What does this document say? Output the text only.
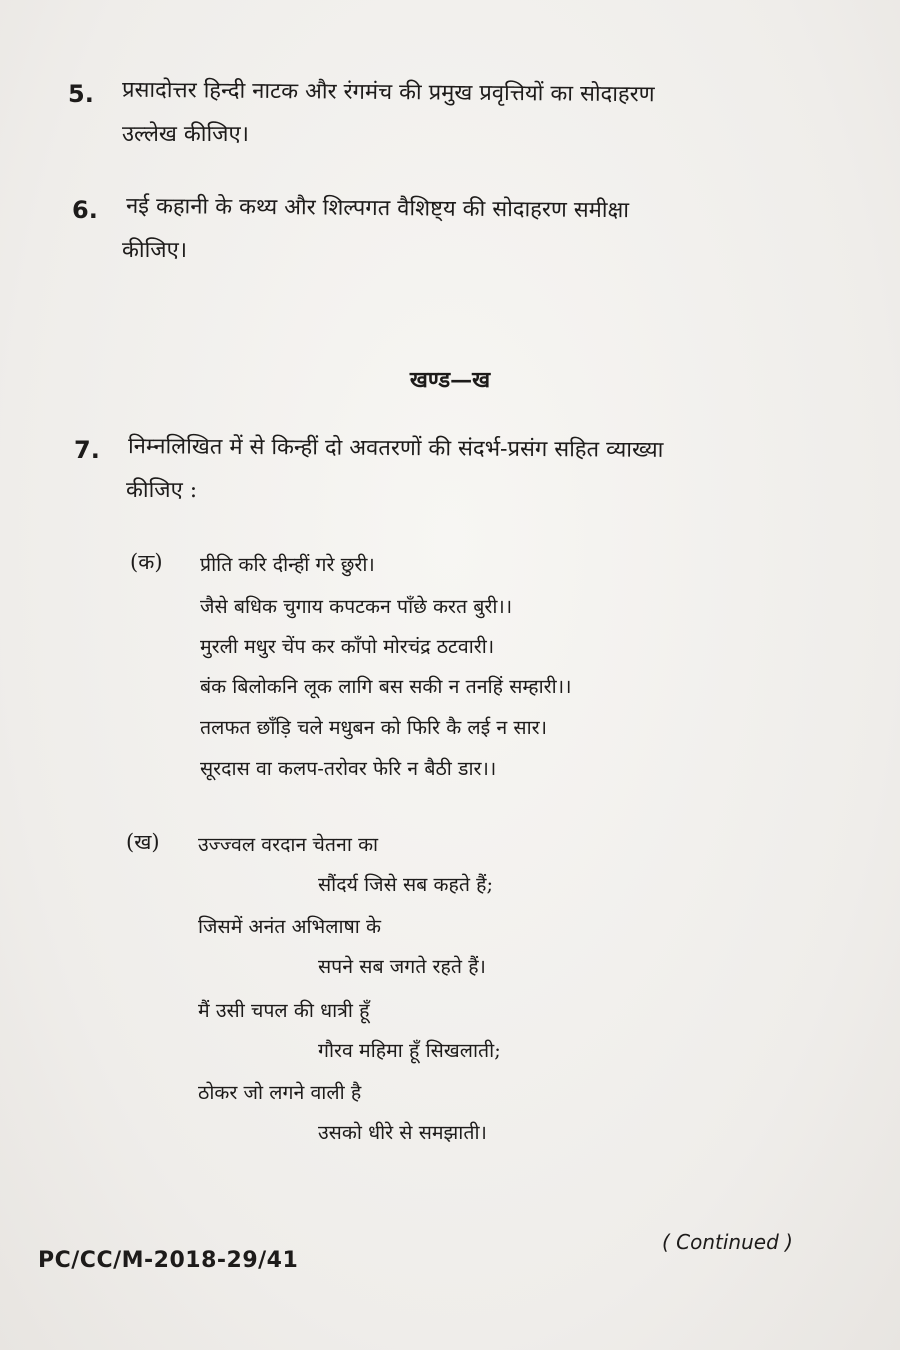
5. प्रसादोत्तर हिन्दी नाटक और रंगमंच की प्रमुख प्रवृत्तियों का सोदाहरण
उल्लेख कीजिए।
6. नई कहानी के कथ्य और शिल्पगत वैशिष्ट्य की सोदाहरण समीक्षा
कीजिए।
खण्ड—ख
7. निम्नलिखित में से किन्हीं दो अवतरणों की संदर्भ-प्रसंग सहित व्याख्या
कीजिए :
(क) प्रीति करि दीन्हीं गरे छुरी।
जैसे बधिक चुगाय कपटकन पाँछे करत बुरी।।
मुरली मधुर चेंप कर काँपो मोरचंद्र ठटवारी।
बंक बिलोकनि लूक लागि बस सकी न तनहिं सम्हारी।।
तलफत छाँड़ि चले मधुबन को फिरि कै लई न सार।
सूरदास वा कलप-तरोवर फेरि न बैठी डार।।
(ख) उज्ज्वल वरदान चेतना का
सौंदर्य जिसे सब कहते हैं;
जिसमें अनंत अभिलाषा के
सपने सब जगते रहते हैं।
मैं उसी चपल की धात्री हूँ
गौरव महिमा हूँ सिखलाती;
ठोकर जो लगने वाली है
उसको धीरे से समझाती।
PC/CC/M-2018-29/41
( Continued )
